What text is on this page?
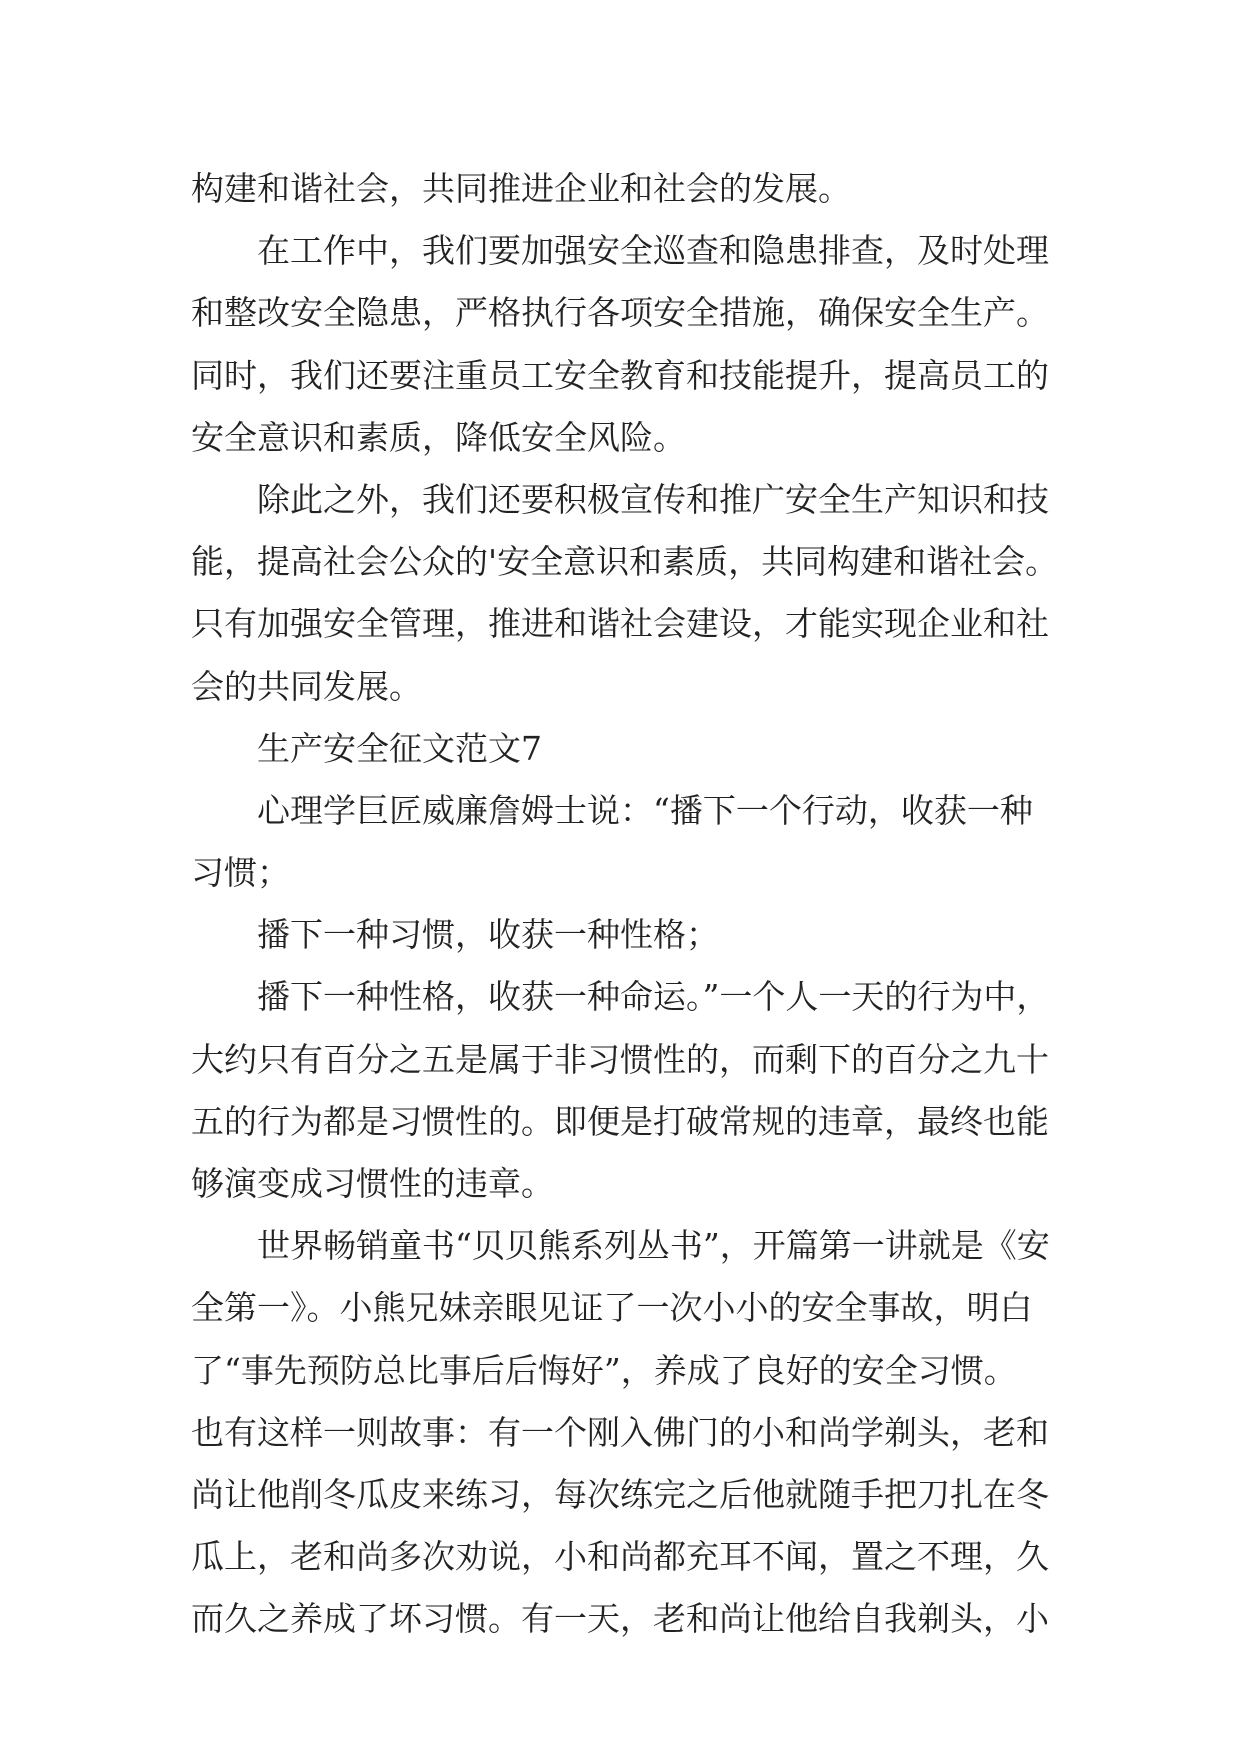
构建和谐社会，共同推进企业和社会的发展。
　　在工作中，我们要加强安全巡查和隐患排查，及时处理
和整改安全隐患，严格执行各项安全措施，确保安全生产。
同时，我们还要注重员工安全教育和技能提升，提高员工的
安全意识和素质，降低安全风险。
　　除此之外，我们还要积极宣传和推广安全生产知识和技
能，提高社会公众的'安全意识和素质，共同构建和谐社会。
只有加强安全管理，推进和谐社会建设，才能实现企业和社
会的共同发展。
　　生产安全征文范文7
　　心理学巨匠威廉詹姆士说：“播下一个行动，收获一种
习惯；
　　播下一种习惯，收获一种性格；
　　播下一种性格，收获一种命运。”一个人一天的行为中，
大约只有百分之五是属于非习惯性的，而剩下的百分之九十
五的行为都是习惯性的。即便是打破常规的违章，最终也能
够演变成习惯性的违章。
　　世界畅销童书“贝贝熊系列丛书”，开篇第一讲就是《安
全第一》。小熊兄妹亲眼见证了一次小小的安全事故，明白
了“事先预防总比事后后悔好”，养成了良好的安全习惯。
也有这样一则故事：有一个刚入佛门的小和尚学剃头，老和
尚让他削冬瓜皮来练习，每次练完之后他就随手把刀扎在冬
瓜上，老和尚多次劝说，小和尚都充耳不闻，置之不理，久
而久之养成了坏习惯。有一天，老和尚让他给自我剃头，小
